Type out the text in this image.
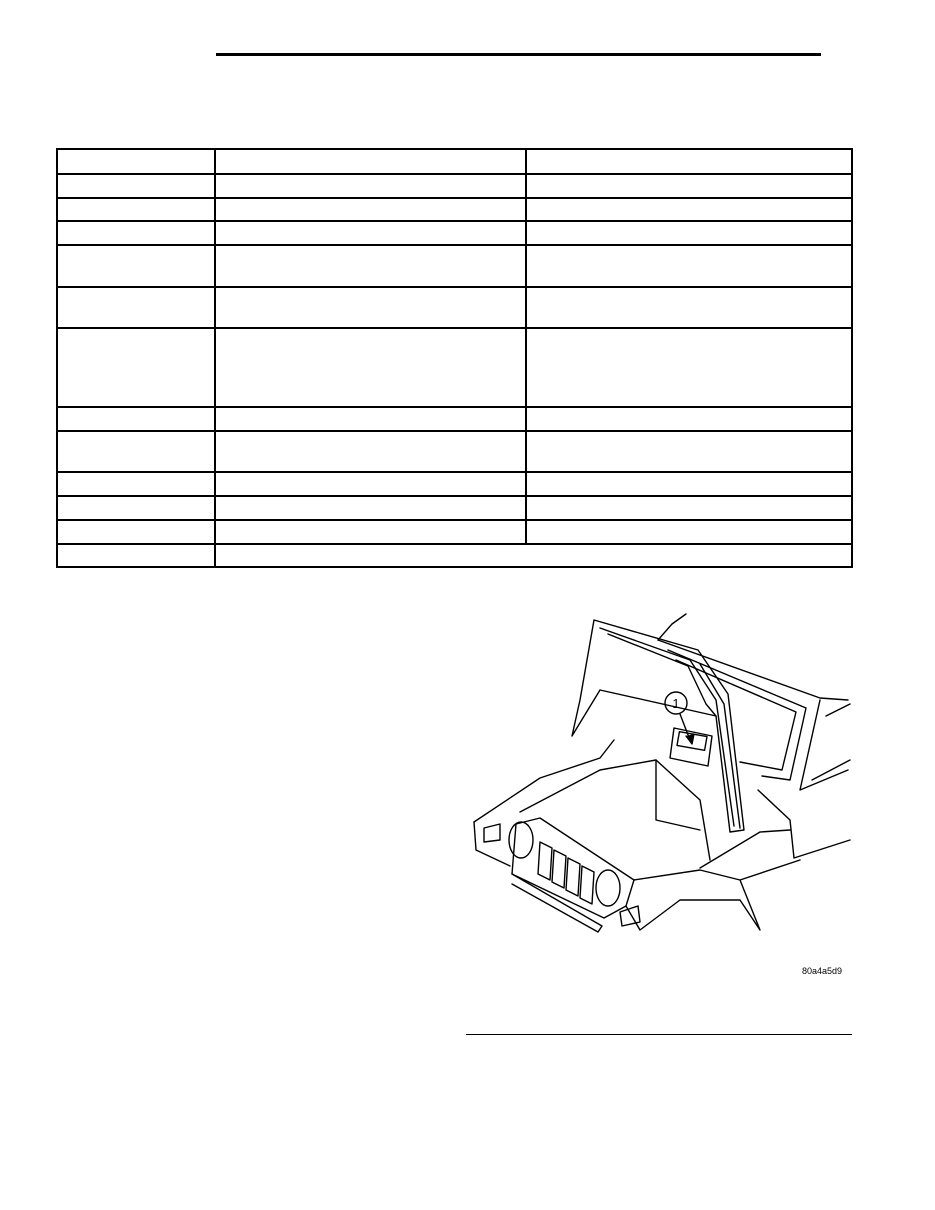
1
80a4a5d9
